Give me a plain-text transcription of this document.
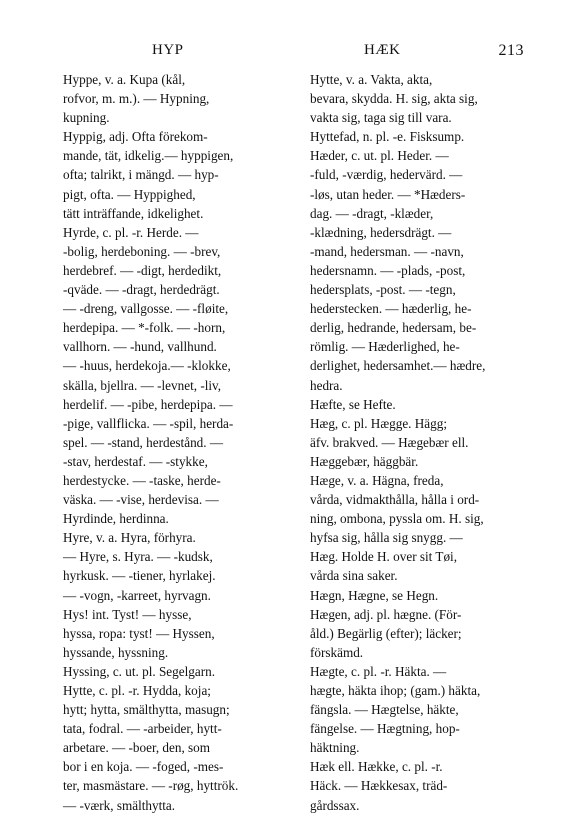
HYP	HÆK	213
Hyppe, v. a. Kupa (kål,
rofvor, m. m.). — Hypning,
kupning.
Hyppig, adj. Ofta förekom-
mande, tät, idkelig.— hyppigen,
ofta; talrikt, i mängd. — hyp-
pigt, ofta. — Hyppighed,
tätt inträffande, idkelighet.
Hyrde, c. pl. -r. Herde. —
-bolig, herdeboning. — -brev,
herdebref. — -digt, herdedikt,
-qväde. — -dragt, herdedrägt.
— -dreng, vallgosse. — -fløite,
herdepipa. — *-folk. — -horn,
vallhorn. — -hund, vallhund.
— -huus, herdekoja.— -klokke,
skälla, bjellra. — -levnet, -liv,
herdelif. — -pibe, herdepipa. —
-pige, vallflicka. — -spil, herda-
spel. — -stand, herdestånd. —
-stav, herdestaf. — -stykke,
herdestycke. — -taske, herde-
väska. — -vise, herdevisa. —
Hyrdinde, herdinna.
Hyre, v. a. Hyra, förhyra.
— Hyre, s. Hyra. — -kudsk,
hyrkusk. — -tiener, hyrlakej.
— -vogn, -karreet, hyrvagn.
Hys! int. Tyst! — hysse,
hyssa, ropa: tyst! — Hyssen,
hyssande, hyssning.
Hyssing, c. ut. pl. Segelgarn.
Hytte, c. pl. -r. Hydda, koja;
hytt; hytta, smälthytta, masugn;
tata, fodral. — -arbeider, hytt-
arbetare. — -boer, den, som
bor i en koja. — -foged, -mes-
ter, masmästare. — -røg, hyttrök.
— -værk, smälthytta.
Hytte, v. a. Vakta, akta,
bevara, skydda. H. sig, akta sig,
vakta sig, taga sig till vara.
Hyttefad, n. pl. -e. Fisksump.
Hæder, c. ut. pl. Heder. —
-fuld, -værdig, hedervärd. —
-løs, utan heder. — *Hæders-
dag. — -dragt, -klæder,
-klædning, hedersdrägt. —
-mand, hedersman. — -navn,
hedersnamn. — -plads, -post,
hedersplats, -post. — -tegn,
hederstecken. — hæderlig, he-
derlig, hedrande, hedersam, be-
römlig. — Hæderlighed, he-
derlighet, hedersamhet.— hædre,
hedra.
Hæfte, se Hefte.
Hæg, c. pl. Hægge. Hägg;
äfv. brakved. — Hægebær ell.
Hæggebær, häggbär.
Hæge, v. a. Hägna, freda,
vårda, vidmakthålla, hålla i ord-
ning, ombona, pyssla om. H. sig,
hyfsa sig, hålla sig snygg. —
Hæg. Holde H. over sit Tøi,
vårda sina saker.
Hægn, Hægne, se Hegn.
Hægen, adj. pl. hægne. (För-
åld.) Begärlig (efter); läcker;
förskämd.
Hægte, c. pl. -r. Häkta. —
hægte, häkta ihop; (gam.) häkta,
fängsla. — Hægtelse, häkte,
fängelse. — Hægtning, hop-
häktning.
Hæk ell. Hække, c. pl. -r.
Häck. — Hækkesax, träd-
gårdssax.
